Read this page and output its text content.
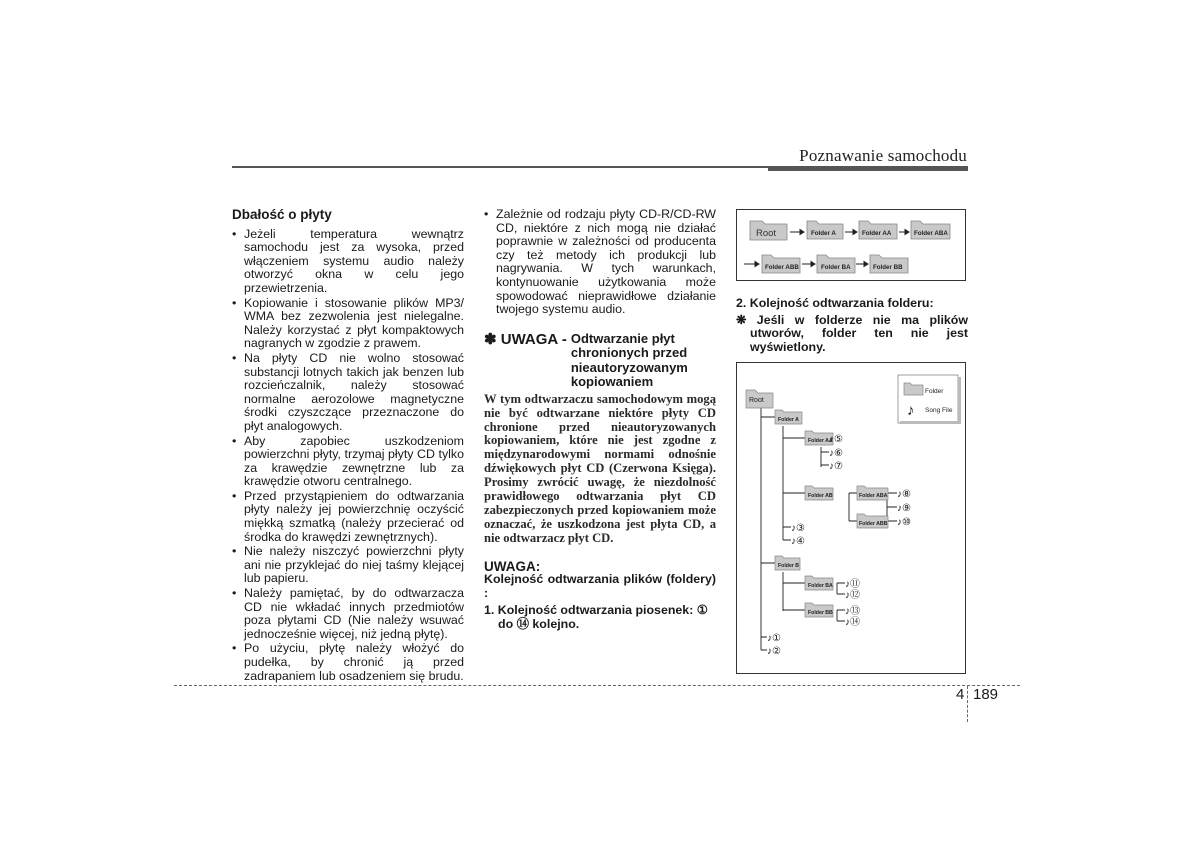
Poznawanie samochodu
Dbałość o płyty
• Jeżeli temperatura wewnątrz samochodu jest za wysoka, przed włączeniem systemu audio należy otworzyć okna w celu jego przewietrzenia.
• Kopiowanie i stosowanie plików MP3/ WMA bez zezwolenia jest nielegalne. Należy korzystać z płyt kompaktowych nagranych w zgodzie z prawem.
• Na płyty CD nie wolno stosować substancji lotnych takich jak benzen lub rozcieńczalnik, należy stosować normalne aerozolowe magnetyczne środki czyszczące przeznaczone do płyt analogowych.
• Aby zapobiec uszkodzeniom powierzchni płyty, trzymaj płyty CD tylko za krawędzie zewnętrzne lub za krawędzie otworu centralnego.
• Przed przystąpieniem do odtwarzania płyty należy jej powierzchnię oczyścić miękką szmatką (należy przecierać od środka do krawędzi zewnętrznych).
• Nie należy niszczyć powierzchni płyty ani nie przyklejać do niej taśmy klejącej lub papieru.
• Należy pamiętać, by do odtwarzacza CD nie wkładać innych przedmiotów poza płytami CD (Nie należy wsuwać jednocześnie więcej, niż jedną płytę).
• Po użyciu, płytę należy włożyć do pudełka, by chronić ją przed zadrapaniem lub osadzeniem się brudu.
• Zależnie od rodzaju płyty CD-R/CD-RW CD, niektóre z nich mogą nie działać poprawnie w zależności od producenta czy też metody ich produkcji lub nagrywania. W tych warunkach, kontynuowanie użytkowania może spowodować nieprawidłowe działanie twojego systemu audio.
✽ UWAGA - Odtwarzanie płyt chronionych przed nieautoryzowanym kopiowaniem
W tym odtwarzaczu samochodowym mogą nie być odtwarzane niektóre płyty CD chronione przed nieautoryzowanych kopiowaniem, które nie jest zgodne z międzynarodowymi normami odnośnie dźwiękowych płyt CD (Czerwona Księga). Prosimy zwrócić uwagę, że niezdolność prawidłowego odtwarzania płyt CD zabezpieczonych przed kopiowaniem może oznaczać, że uszkodzona jest płyta CD, a nie odtwarzacz płyt CD.
UWAGA:
Kolejność odtwarzania plików (foldery) :
1. Kolejność odtwarzania piosenek: ① do ⑭ kolejno.
Root	Folder A	Folder AA	Folder ABA
Folder ABB	Folder BA	Folder BB
2. Kolejność odtwarzania folderu:
❋ Jeśli w folderze nie ma plików utworów, folder ten nie jest wyświetlony.
Folder
♪ Song File
Root
Folder A
Folder AA
Folder AB	Folder ABA
Folder ABB
Folder B
Folder BA
Folder BB
♪⑤
♪⑥
♪⑦
♪⑧
♪⑨
♪⑩
♪③
♪④
♪⑪
♪⑫
♪⑬
♪⑭
♪①
♪②
4 189
